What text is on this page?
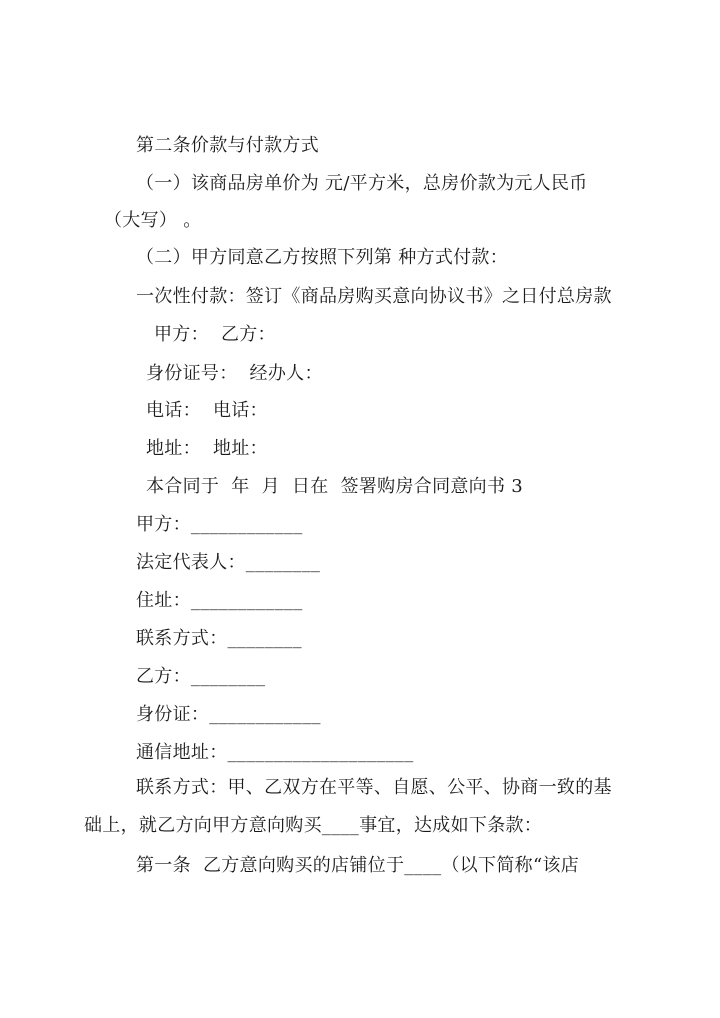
第二条价款与付款方式
（一）该商品房单价为 元/平方米，总房价款为元人民币
（大写） 。
（二）甲方同意乙方按照下列第 种方式付款：
一次性付款：签订《商品房购买意向协议书》之日付总房款
甲方：  乙方：
身份证号：  经办人：
电话：  电话：
地址：  地址：
本合同于  年  月  日在  签署购房合同意向书 3
甲方：____________
法定代表人：________
住址：____________
联系方式：________
乙方：________
身份证：____________
通信地址：____________________
联系方式：甲、乙双方在平等、自愿、公平、协商一致的基
础上，就乙方向甲方意向购买____事宜，达成如下条款：
第一条  乙方意向购买的店铺位于____（以下简称“该店
